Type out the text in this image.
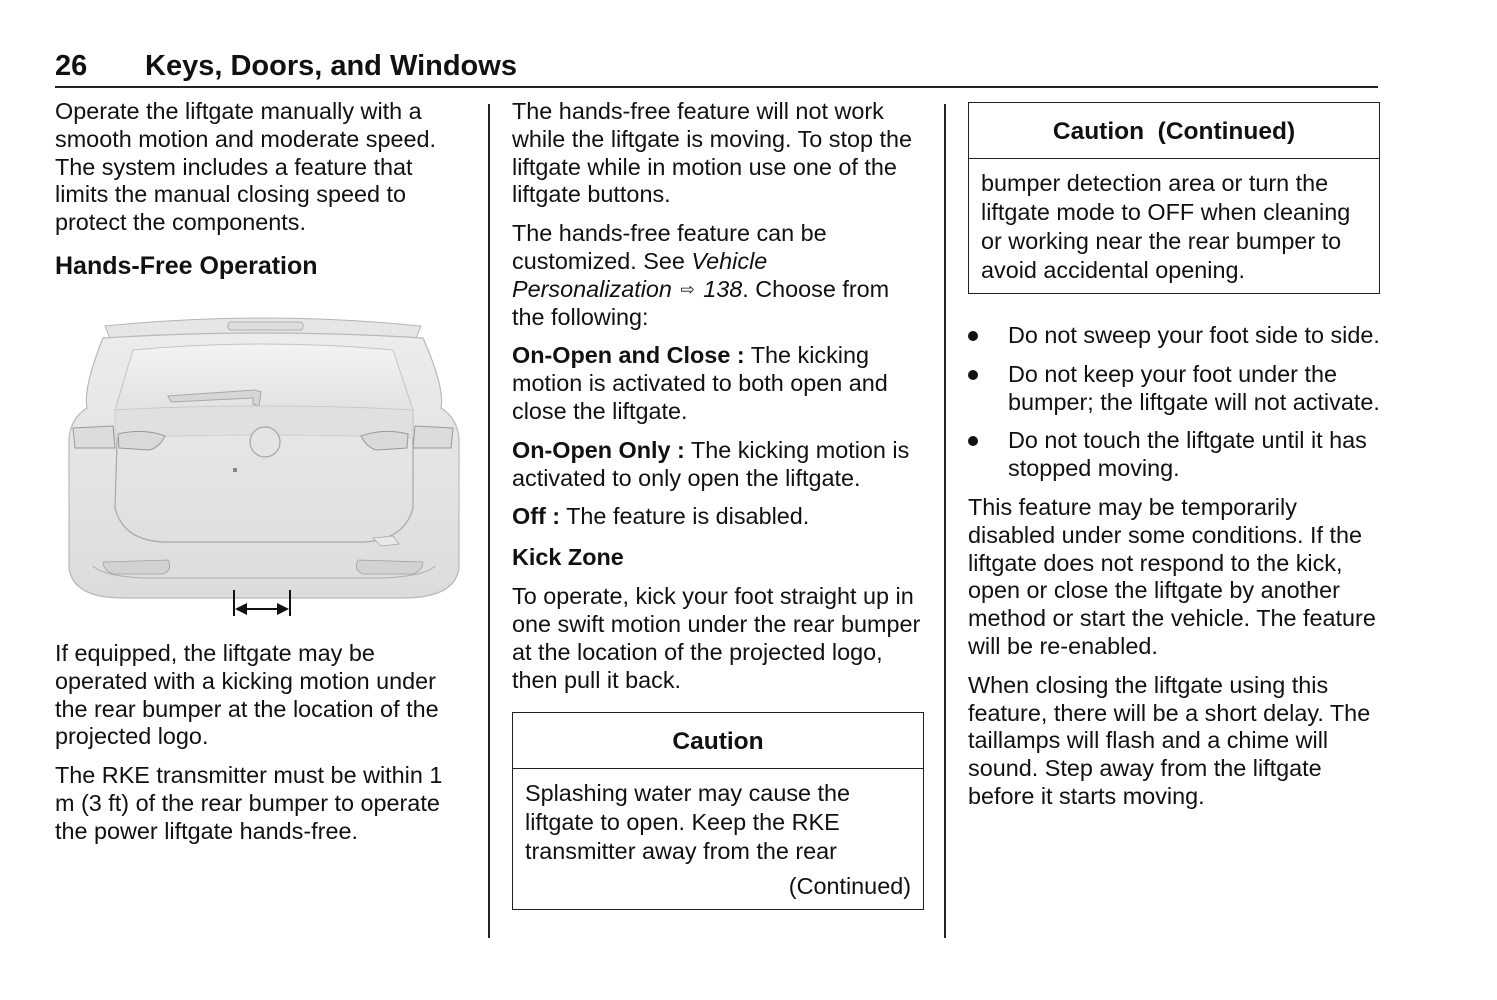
26 Keys, Doors, and Windows

Operate the liftgate manually with a smooth motion and moderate speed. The system includes a feature that limits the manual closing speed to protect the components.

Hands-Free Operation

If equipped, the liftgate may be operated with a kicking motion under the rear bumper at the location of the projected logo.

The RKE transmitter must be within 1 m (3 ft) of the rear bumper to operate the power liftgate hands-free.

The hands-free feature will not work while the liftgate is moving. To stop the liftgate while in motion use one of the liftgate buttons.

The hands-free feature can be customized. See Vehicle Personalization ⇨ 138. Choose from the following:

On-Open and Close : The kicking motion is activated to both open and close the liftgate.

On-Open Only : The kicking motion is activated to only open the liftgate.

Off : The feature is disabled.

Kick Zone

To operate, kick your foot straight up in one swift motion under the rear bumper at the location of the projected logo, then pull it back.

Caution

Splashing water may cause the liftgate to open. Keep the RKE transmitter away from the rear

(Continued)
Caution  (Continued)

bumper detection area or turn the liftgate mode to OFF when cleaning or working near the rear bumper to avoid accidental opening.

Do not sweep your foot side to side.
Do not keep your foot under the bumper; the liftgate will not activate.
Do not touch the liftgate until it has stopped moving.

This feature may be temporarily disabled under some conditions. If the liftgate does not respond to the kick, open or close the liftgate by another method or start the vehicle. The feature will be re-enabled.

When closing the liftgate using this feature, there will be a short delay. The taillamps will flash and a chime will sound. Step away from the liftgate before it starts moving.
